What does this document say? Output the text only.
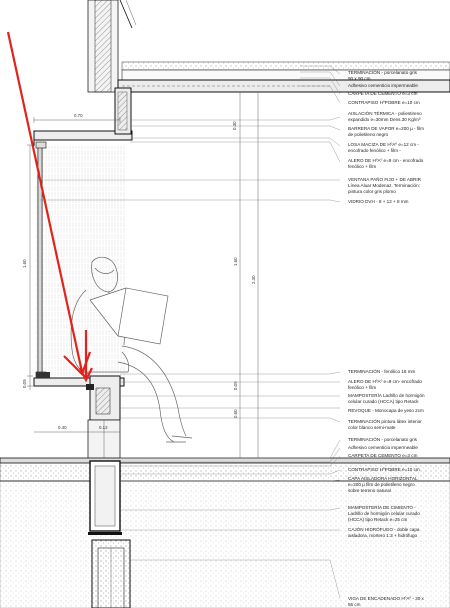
0.70
0.30
1.60	1.60
2.30
0.09	0.09
0.40	0.12
0.60
TERMINACIÓN - porcelanato gris
90 x 90 cm
Adhesivo cementicio impermeable
CARPETA DE CEMENTO e=3 cm
CONTRAPISO HºPOBRE e=10 cm
AISLACIÓN TÉRMICA - poliestireno
expandido e=30mm Dens.30 Kg/m³
BARRERA DE VAPOR e=200 µ - film
de polietileno negro
LOSA MACIZA DE HºAº e=12 cm -
encofrado fenólico + film -
ALERO DE HºAº e=9 cm - encofrado
fenólico + film
VENTANA PAÑO FIJO + DE ABRIR
Línea Aluar Modenaz. Terminación:
pintura color gris plomo
VIDRIO DVH - 8 + 12 + 8 mm
TERMINACIÓN - fenólico 18 mm
ALERO DE HºAº e=9 cm- encofrado
fenólico + film
MAMPOSTERÍA Ladrillo de hormigón
celular curado (HCCA) tipo Retack
REVOQUE - Monocapa de yeso 2cm
TERMINACIÓN pintura látex interior
color blanco semi-mate
TERMINACIÓN - porcelanato gris
Adhesivo cementicio impermeable
CARPETA DE CEMENTO e=3 cm
CONTRAPISO HºPOBRE e=10 cm
CAPA AISLADORA HORIZONTAL
e=200 µ film de polietileno negro
sobre terreno natural
MAMPOSTERÍA DE CIMIENTO -
Ladrillo de hormigón celular curado
(HCCA) tipo Retack e=25 cm
CAJÓN HIDRÓFUGO - doble capa
aisladora, mortero 1:3 + hidrófugo
VIGA DE ENCADENADO HºAº - 30 x
55 cm
